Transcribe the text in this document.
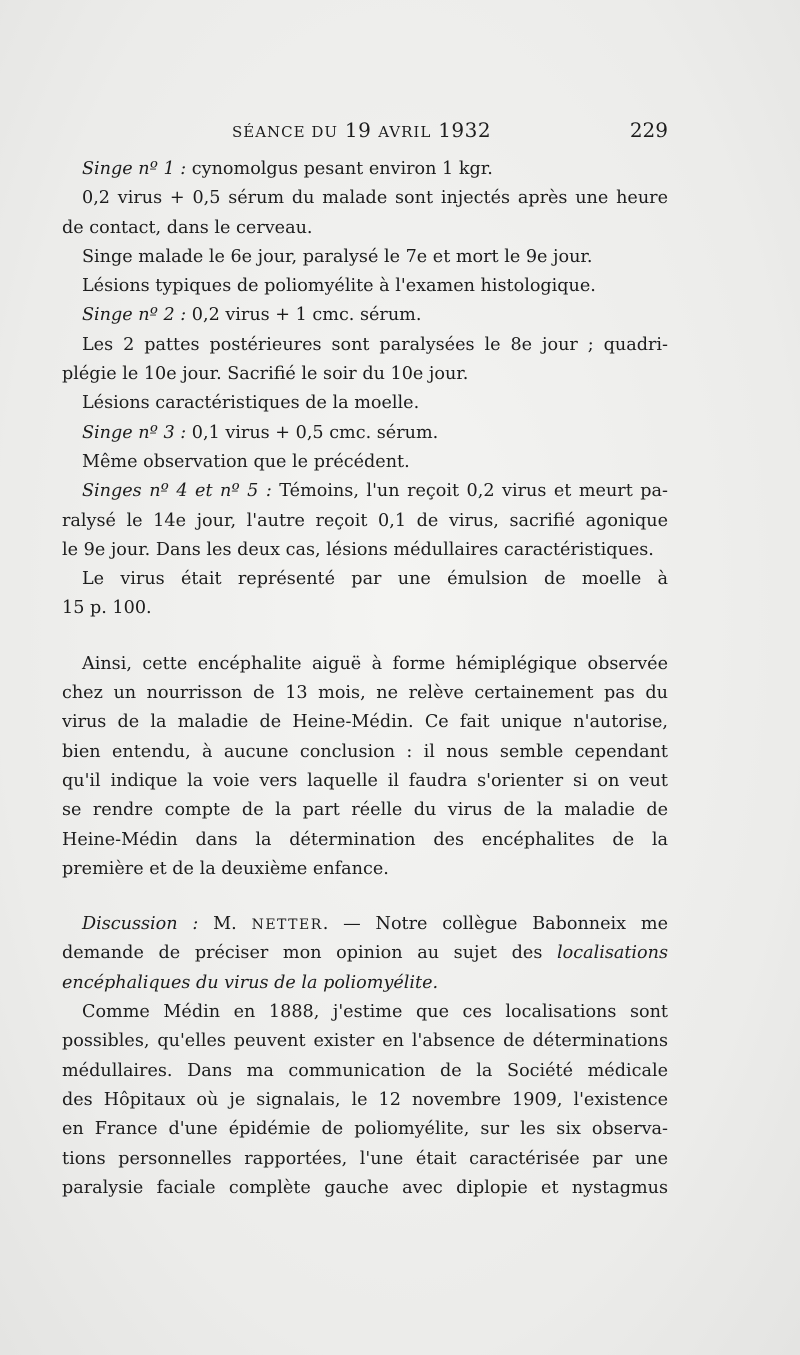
SÉANCE DU 19 AVRIL 1932	229
Singe nº 1 : cynomolgus pesant environ 1 kgr.
0,2 virus + 0,5 sérum du malade sont injectés après une heure
de contact, dans le cerveau.
Singe malade le 6e jour, paralysé le 7e et mort le 9e jour.
Lésions typiques de poliomyélite à l'examen histologique.
Singe nº 2 : 0,2 virus + 1 cmc. sérum.
Les 2 pattes postérieures sont paralysées le 8e jour ; quadri-
plégie le 10e jour. Sacrifié le soir du 10e jour.
Lésions caractéristiques de la moelle.
Singe nº 3 : 0,1 virus + 0,5 cmc. sérum.
Même observation que le précédent.
Singes nº 4 et nº 5 : Témoins, l'un reçoit 0,2 virus et meurt pa-
ralysé le 14e jour, l'autre reçoit 0,1 de virus, sacrifié agonique
le 9e jour. Dans les deux cas, lésions médullaires caractéristiques.
Le virus était représenté par une émulsion de moelle à
15 p. 100.
Ainsi, cette encéphalite aiguë à forme hémiplégique observée
chez un nourrisson de 13 mois, ne relève certainement pas du
virus de la maladie de Heine-Médin. Ce fait unique n'autorise,
bien entendu, à aucune conclusion : il nous semble cependant
qu'il indique la voie vers laquelle il faudra s'orienter si on veut
se rendre compte de la part réelle du virus de la maladie de
Heine-Médin dans la détermination des encéphalites de la
première et de la deuxième enfance.
Discussion : M. NETTER. — Notre collègue Babonneix me
demande de préciser mon opinion au sujet des localisations
encéphaliques du virus de la poliomyélite.
Comme Médin en 1888, j'estime que ces localisations sont
possibles, qu'elles peuvent exister en l'absence de déterminations
médullaires. Dans ma communication de la Société médicale
des Hôpitaux où je signalais, le 12 novembre 1909, l'existence
en France d'une épidémie de poliomyélite, sur les six observa-
tions personnelles rapportées, l'une était caractérisée par une
paralysie faciale complète gauche avec diplopie et nystagmus
